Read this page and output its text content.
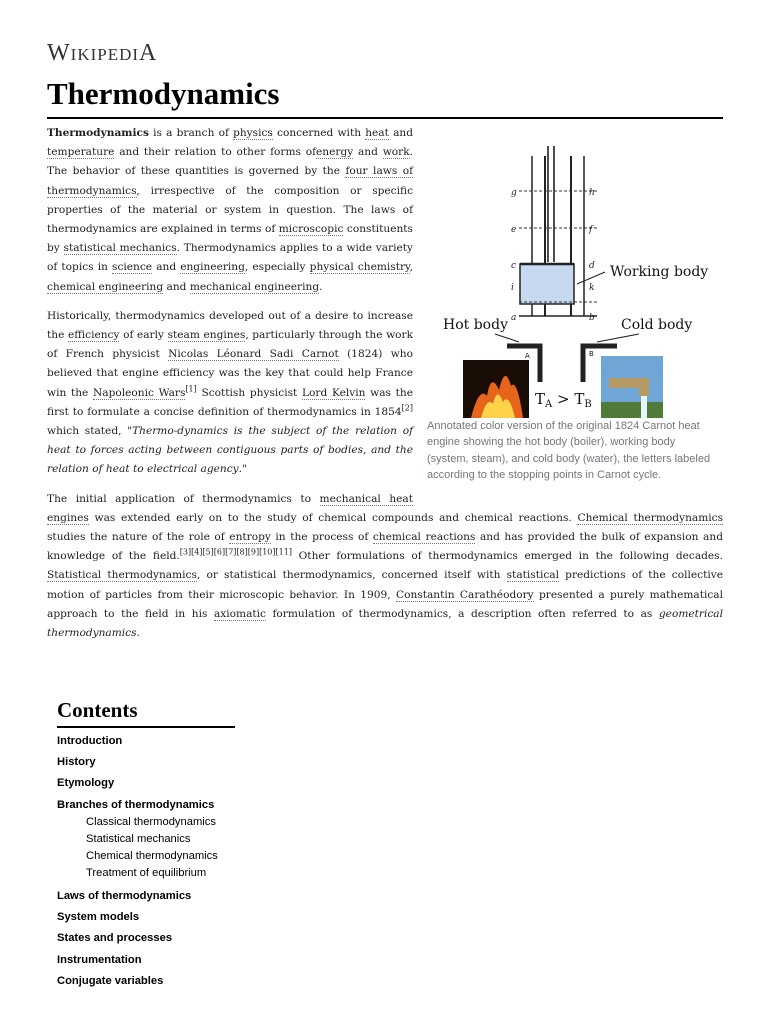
WIKIPEDIA
Thermodynamics
g	h
e	f
c	d
i	k
a	b
Working body
Hot body	Cold body
A	B
$T_A > T_B$

Annotated color version of the original 1824 Carnot heat engine showing the hot body (boiler), working body (system, steam), and cold body (water), the letters labeled according to the stopping points in Carnot cycle.

Thermodynamics is a branch of physics concerned with heat and temperature and their relation to other forms ofenergy and work. The behavior of these quantities is governed by the four laws of thermodynamics, irrespective of the composition or specific properties of the material or system in question. The laws of thermodynamics are explained in terms of microscopic constituents by statistical mechanics. Thermodynamics applies to a wide variety of topics in science and engineering, especially physical chemistry, chemical engineering and mechanical engineering.

Historically, thermodynamics developed out of a desire to increase the efficiency of early steam engines, particularly through the work of French physicist Nicolas Léonard Sadi Carnot (1824) who believed that engine efficiency was the key that could help France win the Napoleonic Wars[1] Scottish physicist Lord Kelvin was the first to formulate a concise definition of thermodynamics in 1854[2] which stated, "Thermo-dynamics is the subject of the relation of heat to forces acting between contiguous parts of bodies, and the relation of heat to electrical agency."

The initial application of thermodynamics to mechanical heat engines was extended early on to the study of chemical compounds and chemical reactions. Chemical thermodynamics studies the nature of the role of entropy in the process of chemical reactions and has provided the bulk of expansion and knowledge of the field.[3][4][5][6][7][8][9][10][11] Other formulations of thermodynamics emerged in the following decades. Statistical thermodynamics, or statistical thermodynamics, concerned itself with statistical predictions of the collective motion of particles from their microscopic behavior. In 1909, Constantin Carathéodory presented a purely mathematical approach to the field in his axiomatic formulation of thermodynamics, a description often referred to as geometrical thermodynamics.

Contents
Introduction
History
Etymology
Branches of thermodynamics
Classical thermodynamics
Statistical mechanics
Chemical thermodynamics
Treatment of equilibrium
Laws of thermodynamics
System models
States and processes
Instrumentation
Conjugate variables
